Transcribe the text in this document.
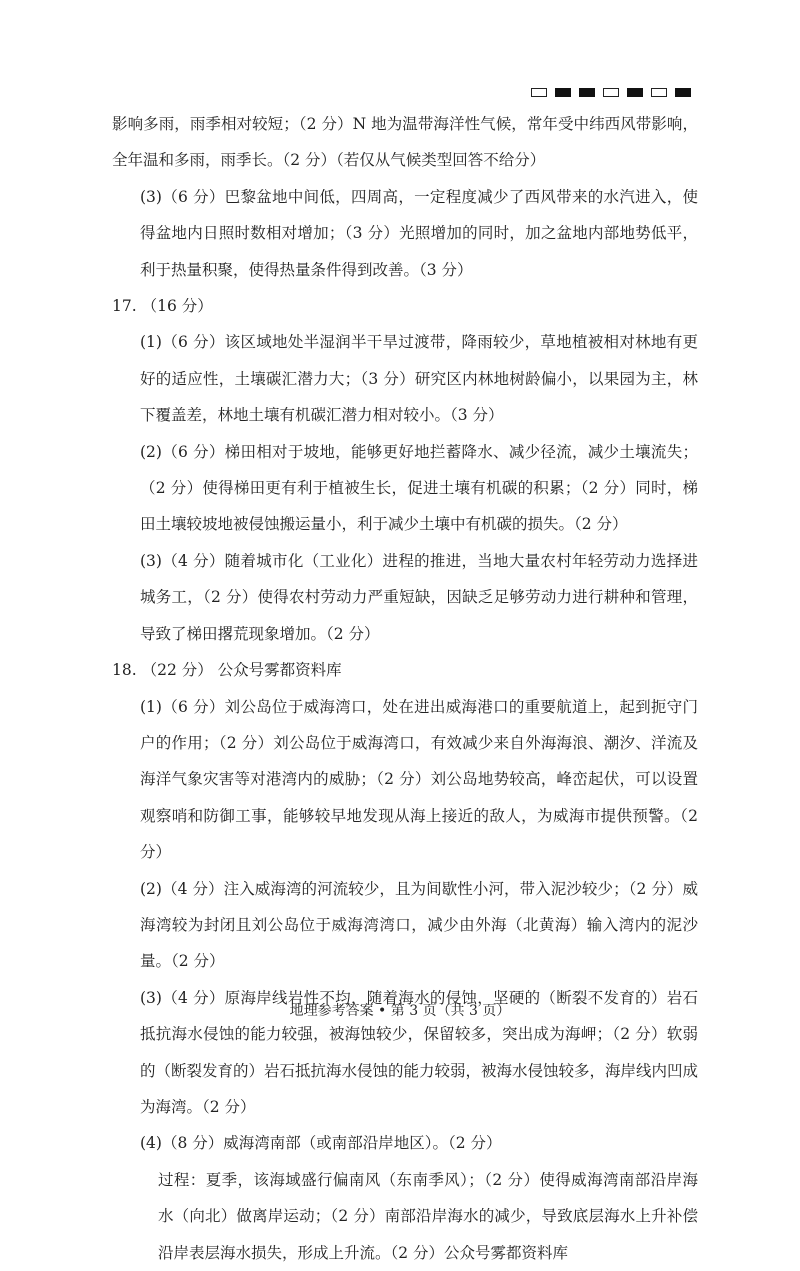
影响多雨，雨季相对较短；（2 分）N 地为温带海洋性气候，常年受中纬西风带影响，全年温和多雨，雨季长。（2 分）（若仅从气候类型回答不给分）

(3)（6 分）巴黎盆地中间低，四周高，一定程度减少了西风带来的水汽进入，使得盆地内日照时数相对增加；（3 分）光照增加的同时，加之盆地内部地势低平，利于热量积聚，使得热量条件得到改善。（3 分）

17. （16 分）

(1)（6 分）该区域地处半湿润半干旱过渡带，降雨较少，草地植被相对林地有更好的适应性，土壤碳汇潜力大；（3 分）研究区内林地树龄偏小，以果园为主，林下覆盖差，林地土壤有机碳汇潜力相对较小。（3 分）

(2)（6 分）梯田相对于坡地，能够更好地拦蓄降水、减少径流，减少土壤流失；（2 分）使得梯田更有利于植被生长，促进土壤有机碳的积累；（2 分）同时，梯田土壤较坡地被侵蚀搬运量小，利于减少土壤中有机碳的损失。（2 分）

(3)（4 分）随着城市化（工业化）进程的推进，当地大量农村年轻劳动力选择进城务工，（2 分）使得农村劳动力严重短缺，因缺乏足够劳动力进行耕种和管理，导致了梯田撂荒现象增加。（2 分）

18. （22 分） 公众号雾都资料库

(1)（6 分）刘公岛位于威海湾口，处在进出威海港口的重要航道上，起到扼守门户的作用；（2 分）刘公岛位于威海湾口，有效减少来自外海海浪、潮汐、洋流及海洋气象灾害等对港湾内的威胁；（2 分）刘公岛地势较高，峰峦起伏，可以设置观察哨和防御工事，能够较早地发现从海上接近的敌人，为威海市提供预警。（2 分）

(2)（4 分）注入威海湾的河流较少，且为间歇性小河，带入泥沙较少；（2 分）威海湾较为封闭且刘公岛位于威海湾湾口，减少由外海（北黄海）输入湾内的泥沙量。（2 分）

(3)（4 分）原海岸线岩性不均，随着海水的侵蚀，坚硬的（断裂不发育的）岩石抵抗海水侵蚀的能力较强，被海蚀较少，保留较多，突出成为海岬；（2 分）软弱的（断裂发育的）岩石抵抗海水侵蚀的能力较弱，被海水侵蚀较多，海岸线内凹成为海湾。（2 分）

(4)（8 分）威海湾南部（或南部沿岸地区）。（2 分）

过程：夏季，该海域盛行偏南风（东南季风）；（2 分）使得威海湾南部沿岸海水（向北）做离岸运动；（2 分）南部沿岸海水的减少，导致底层海水上升补偿沿岸表层海水损失，形成上升流。（2 分）公众号雾都资料库

地理参考答案 • 第 3 页（共 3 页）
